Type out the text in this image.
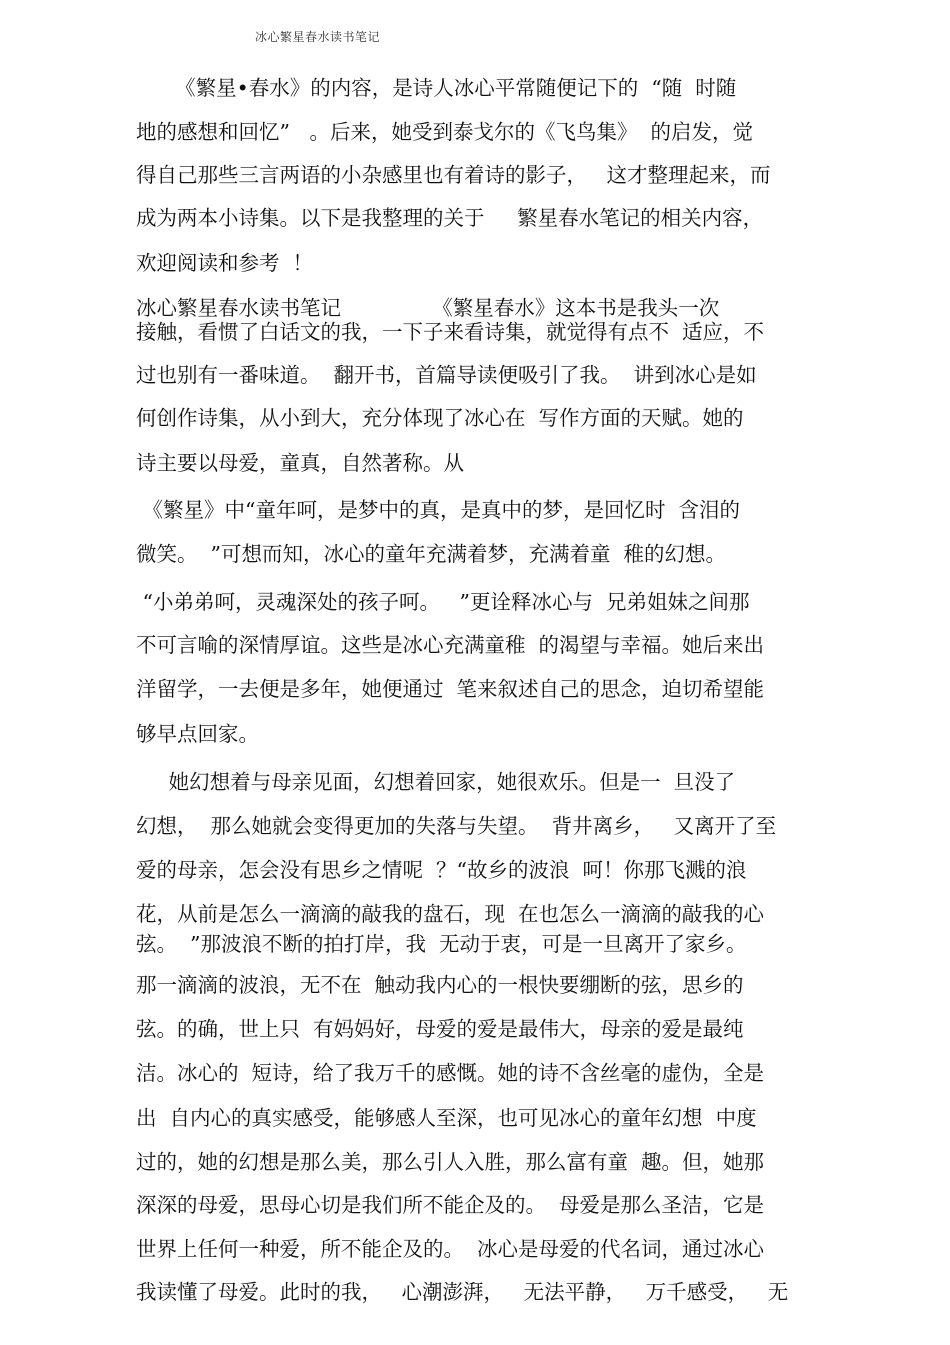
冰心繁星春水读书笔记
《繁星•春水》的内容，是诗人冰心平常随便记下的  “随  时随
地的感想和回忆”   。后来，她受到泰戈尔的《飞鸟集》  的启发，觉
得自己那些三言两语的小杂感里也有着诗的影子，   这才整理起来，而
成为两本小诗集。以下是我整理的关于     繁星春水笔记的相关内容，
欢迎阅读和参考  ！
冰心繁星春水读书笔记              《繁星春水》这本书是我头一次
接触，看惯了白话文的我，一下子来看诗集，就觉得有点不  适应，不
过也别有一番味道。  翻开书，首篇导读便吸引了我。  讲到冰心是如
何创作诗集，从小到大，充分体现了冰心在  写作方面的天赋。她的
诗主要以母爱，童真，自然著称。从
《繁星》中“童年呵，是梦中的真，是真中的梦，是回忆时  含泪的
微笑。  ”可想而知，冰心的童年充满着梦，充满着童  稚的幻想。
“小弟弟呵，灵魂深处的孩子呵。   ”更诠释冰心与  兄弟姐妹之间那
不可言喻的深情厚谊。这些是冰心充满童稚  的渴望与幸福。她后来出
洋留学，一去便是多年，她便通过  笔来叙述自己的思念，迫切希望能
够早点回家。
她幻想着与母亲见面，幻想着回家，她很欢乐。但是一  旦没了
幻想，  那么她就会变得更加的失落与失望。  背井离乡，   又离开了至
爱的母亲，怎会没有思乡之情呢  ？“故乡的波浪  呵！你那飞溅的浪
花，从前是怎么一滴滴的敲我的盘石，现  在也怎么一滴滴的敲我的心
弦。  ”那波浪不断的拍打岸，我  无动于衷，可是一旦离开了家乡。
那一滴滴的波浪，无不在  触动我内心的一根快要绷断的弦，思乡的
弦。的确，世上只  有妈妈好，母爱的爱是最伟大，母亲的爱是最纯
洁。冰心的  短诗，给了我万千的感慨。她的诗不含丝毫的虚伪，全是
出  自内心的真实感受，能够感人至深，也可见冰心的童年幻想  中度
过的，她的幻想是那么美，那么引人入胜，那么富有童  趣。但，她那
深深的母爱，思母心切是我们所不能企及的。  母爱是那么圣洁，它是
世界上任何一种爱，所不能企及的。  冰心是母爱的代名词，通过冰心
我读懂了母爱。此时的我，   心潮澎湃，   无法平静，   万千感受，   无
